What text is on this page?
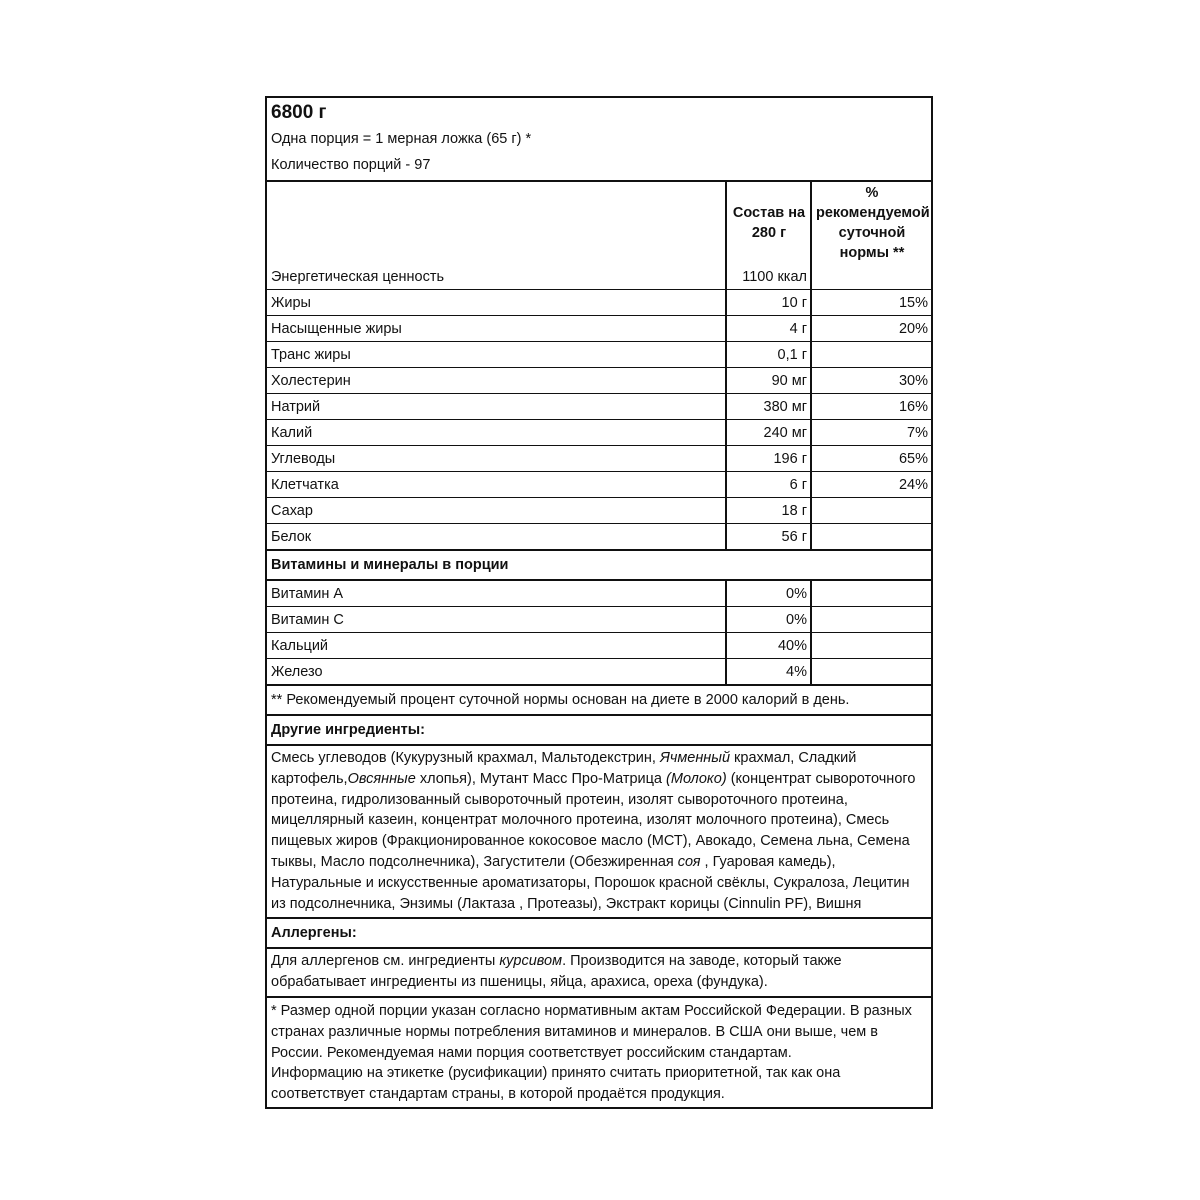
6800 г
Одна порция = 1 мерная ложка (65 г) *
Количество порций - 97
	Состав на 280 г	% рекомендуемой суточной нормы **
Энергетическая ценность	1100 ккал	
Жиры	10 г	15%
Насыщенные жиры	4 г	20%
Транс жиры	0,1 г	
Холестерин	90 мг	30%
Натрий	380 мг	16%
Калий	240 мг	7%
Углеводы	196 г	65%
Клетчатка	6 г	24%
Сахар	18 г	
Белок	56 г	
Витамины и минералы в порции
Витамин А	0%	
Витамин С	0%	
Кальций	40%	
Железо	4%	
** Рекомендуемый процент суточной нормы основан на диете в 2000 калорий в день.
Другие ингредиенты:
Смесь углеводов (Кукурузный крахмал, Мальтодекстрин, Ячменный крахмал, Сладкий картофель,Овсянные хлопья), Мутант Масс Про-Матрица (Молоко) (концентрат сывороточного протеина, гидролизованный сывороточный протеин, изолят сывороточного протеина, мицеллярный казеин, концентрат молочного протеина, изолят молочного протеина), Смесь пищевых жиров (Фракционированное кокосовое масло (МСТ), Авокадо, Семена льна, Семена тыквы, Масло подсолнечника), Загустители (Обезжиренная соя , Гуаровая камедь), Натуральные и искусственные ароматизаторы, Порошок красной свёклы, Сукралоза, Лецитин из подсолнечника, Энзимы (Лактаза , Протеазы), Экстракт корицы (Cinnulin PF), Вишня
Аллергены:
Для аллергенов см. ингредиенты курсивом. Производится на заводе, который также обрабатывает ингредиенты из пшеницы, яйца, арахиса, ореха (фундука).
* Размер одной порции указан согласно нормативным актам Российской Федерации. В разных странах различные нормы потребления витаминов и минералов. В США они выше, чем в России. Рекомендуемая нами порция соответствует российским стандартам.
Информацию на этикетке (русификации) принято считать приоритетной, так как она соответствует стандартам страны, в которой продаётся продукция.
